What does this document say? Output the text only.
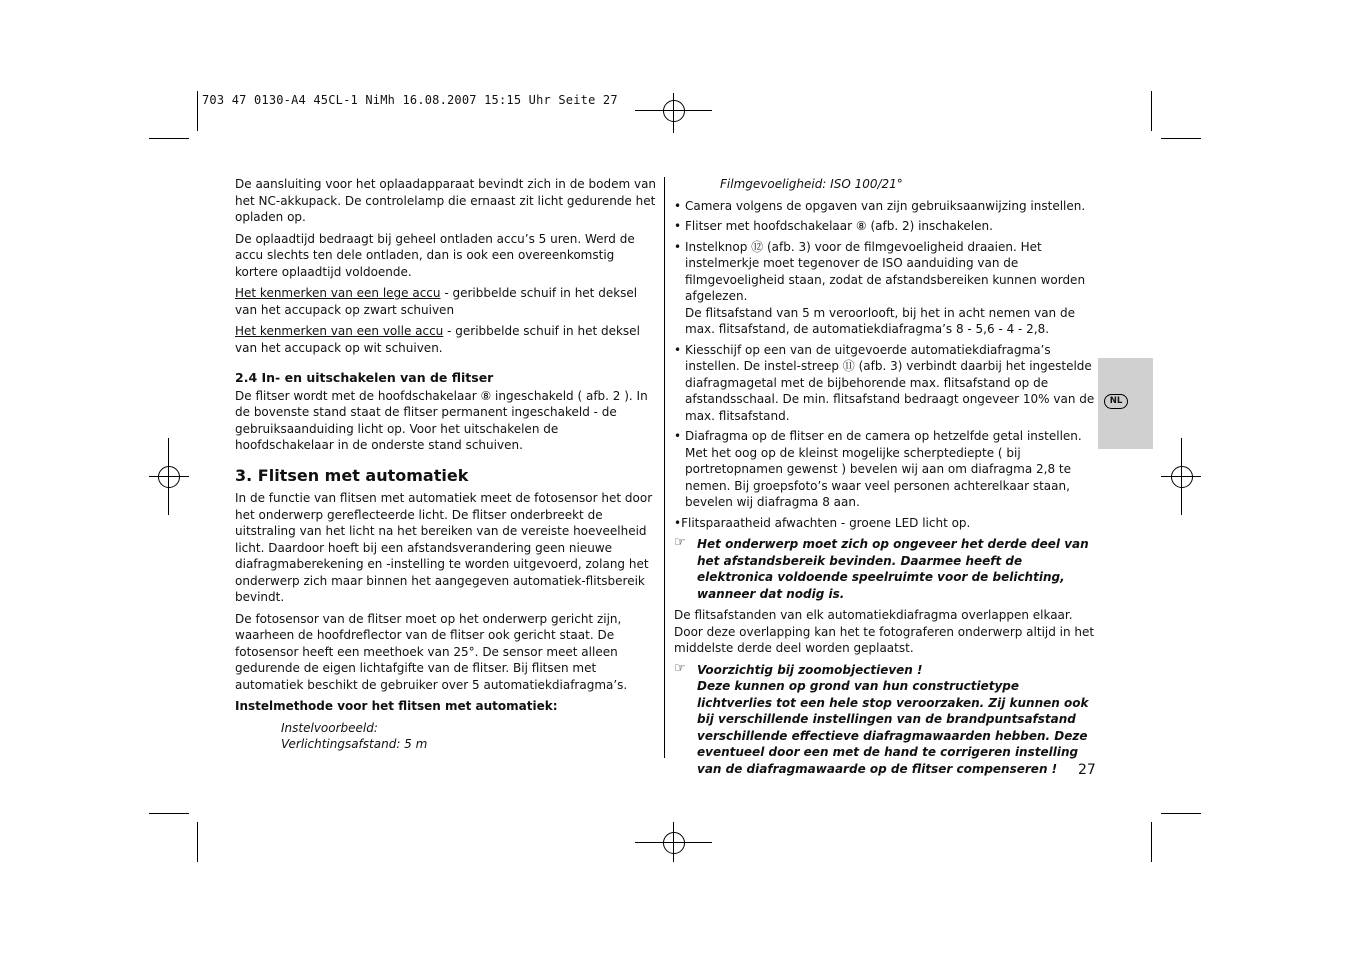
703 47 0130-A4 45CL-1 NiMh 16.08.2007 15:15 Uhr Seite 27

De aansluiting voor het oplaadapparaat bevindt zich in de bodem van het NC-akkupack. De controlelamp die ernaast zit licht gedurende het opladen op.

De oplaadtijd bedraagt bij geheel ontladen accu’s 5 uren. Werd de accu slechts ten dele ontladen, dan is ook een overeenkomstig kortere oplaadtijd voldoende.

Het kenmerken van een lege accu - geribbelde schuif in het deksel van het accupack op zwart schuiven

Het kenmerken van een volle accu - geribbelde schuif in het deksel van het accupack op wit schuiven.

2.4 In- en uitschakelen van de flitser

De flitser wordt met de hoofdschakelaar ⑧ ingeschakeld ( afb. 2 ). In de bovenste stand staat de flitser permanent ingeschakeld - de gebruiksaanduiding licht op. Voor het uitschakelen de hoofdschakelaar in de onderste stand schuiven.

3. Flitsen met automatiek

In de functie van flitsen met automatiek meet de fotosensor het door het onderwerp gereflecteerde licht. De flitser onderbreekt de uitstraling van het licht na het bereiken van de vereiste hoeveelheid licht. Daardoor hoeft bij een afstandsverandering geen nieuwe diafragmaberekening en -instelling te worden uitgevoerd, zolang het onderwerp zich maar binnen het aangegeven automatiek-flitsbereik bevindt.

De fotosensor van de flitser moet op het onderwerp gericht zijn, waarheen de hoofdreflector van de flitser ook gericht staat. De fotosensor heeft een meethoek van 25°. De sensor meet alleen gedurende de eigen lichtafgifte van de flitser. Bij flitsen met automatiek beschikt de gebruiker over 5 automatiekdiafragma’s.

Instelmethode voor het flitsen met automatiek:
Instelvoorbeeld:
Verlichtingsafstand: 5 m
Filmgevoeligheid: ISO 100/21°
• Camera volgens de opgaven van zijn gebruiksaanwijzing instellen.
• Flitser met hoofdschakelaar ⑧ (afb. 2) inschakelen.
• Instelknop ⑫ (afb. 3) voor de filmgevoeligheid draaien. Het instelmerkje moet tegenover de ISO aanduiding van de filmgevoeligheid staan, zodat de afstandsbereiken kunnen worden afgelezen.
De flitsafstand van 5 m veroorlooft, bij het in acht nemen van de max. flitsafstand, de automatiekdiafragma’s 8 - 5,6 - 4 - 2,8.
• Kiesschijf op een van de uitgevoerde automatiekdiafragma’s instellen. De instel-streep ⑪ (afb. 3) verbindt daarbij het ingestelde diafragmagetal met de bijbehorende max. flitsafstand op de afstandsschaal. De min. flitsafstand bedraagt ongeveer 10% van de max. flitsafstand.
• Diafragma op de flitser en de camera op hetzelfde getal instellen.
Met het oog op de kleinst mogelijke scherptediepte ( bij portretopnamen gewenst ) bevelen wij aan om diafragma 2,8 te nemen. Bij groepsfoto’s waar veel personen achterelkaar staan, bevelen wij diafragma 8 aan.

•Flitsparaatheid afwachten - groene LED licht op.

☞ Het onderwerp moet zich op ongeveer het derde deel van het afstandsbereik bevinden. Daarmee heeft de elektronica voldoende speelruimte voor de belichting, wanneer dat nodig is.

De flitsafstanden van elk automatiekdiafragma overlappen elkaar. Door deze overlapping kan het te fotograferen onderwerp altijd in het middelste derde deel worden geplaatst.

☞ Voorzichtig bij zoomobjectieven !
Deze kunnen op grond van hun constructietype lichtverlies tot een hele stop veroorzaken. Zij kunnen ook bij verschillende instellingen van de brandpuntsafstand verschillende effectieve diafragmawaarden hebben. Deze eventueel door een met de hand te corrigeren instelling van de diafragmawaarde op de flitser compenseren !
NL
27
